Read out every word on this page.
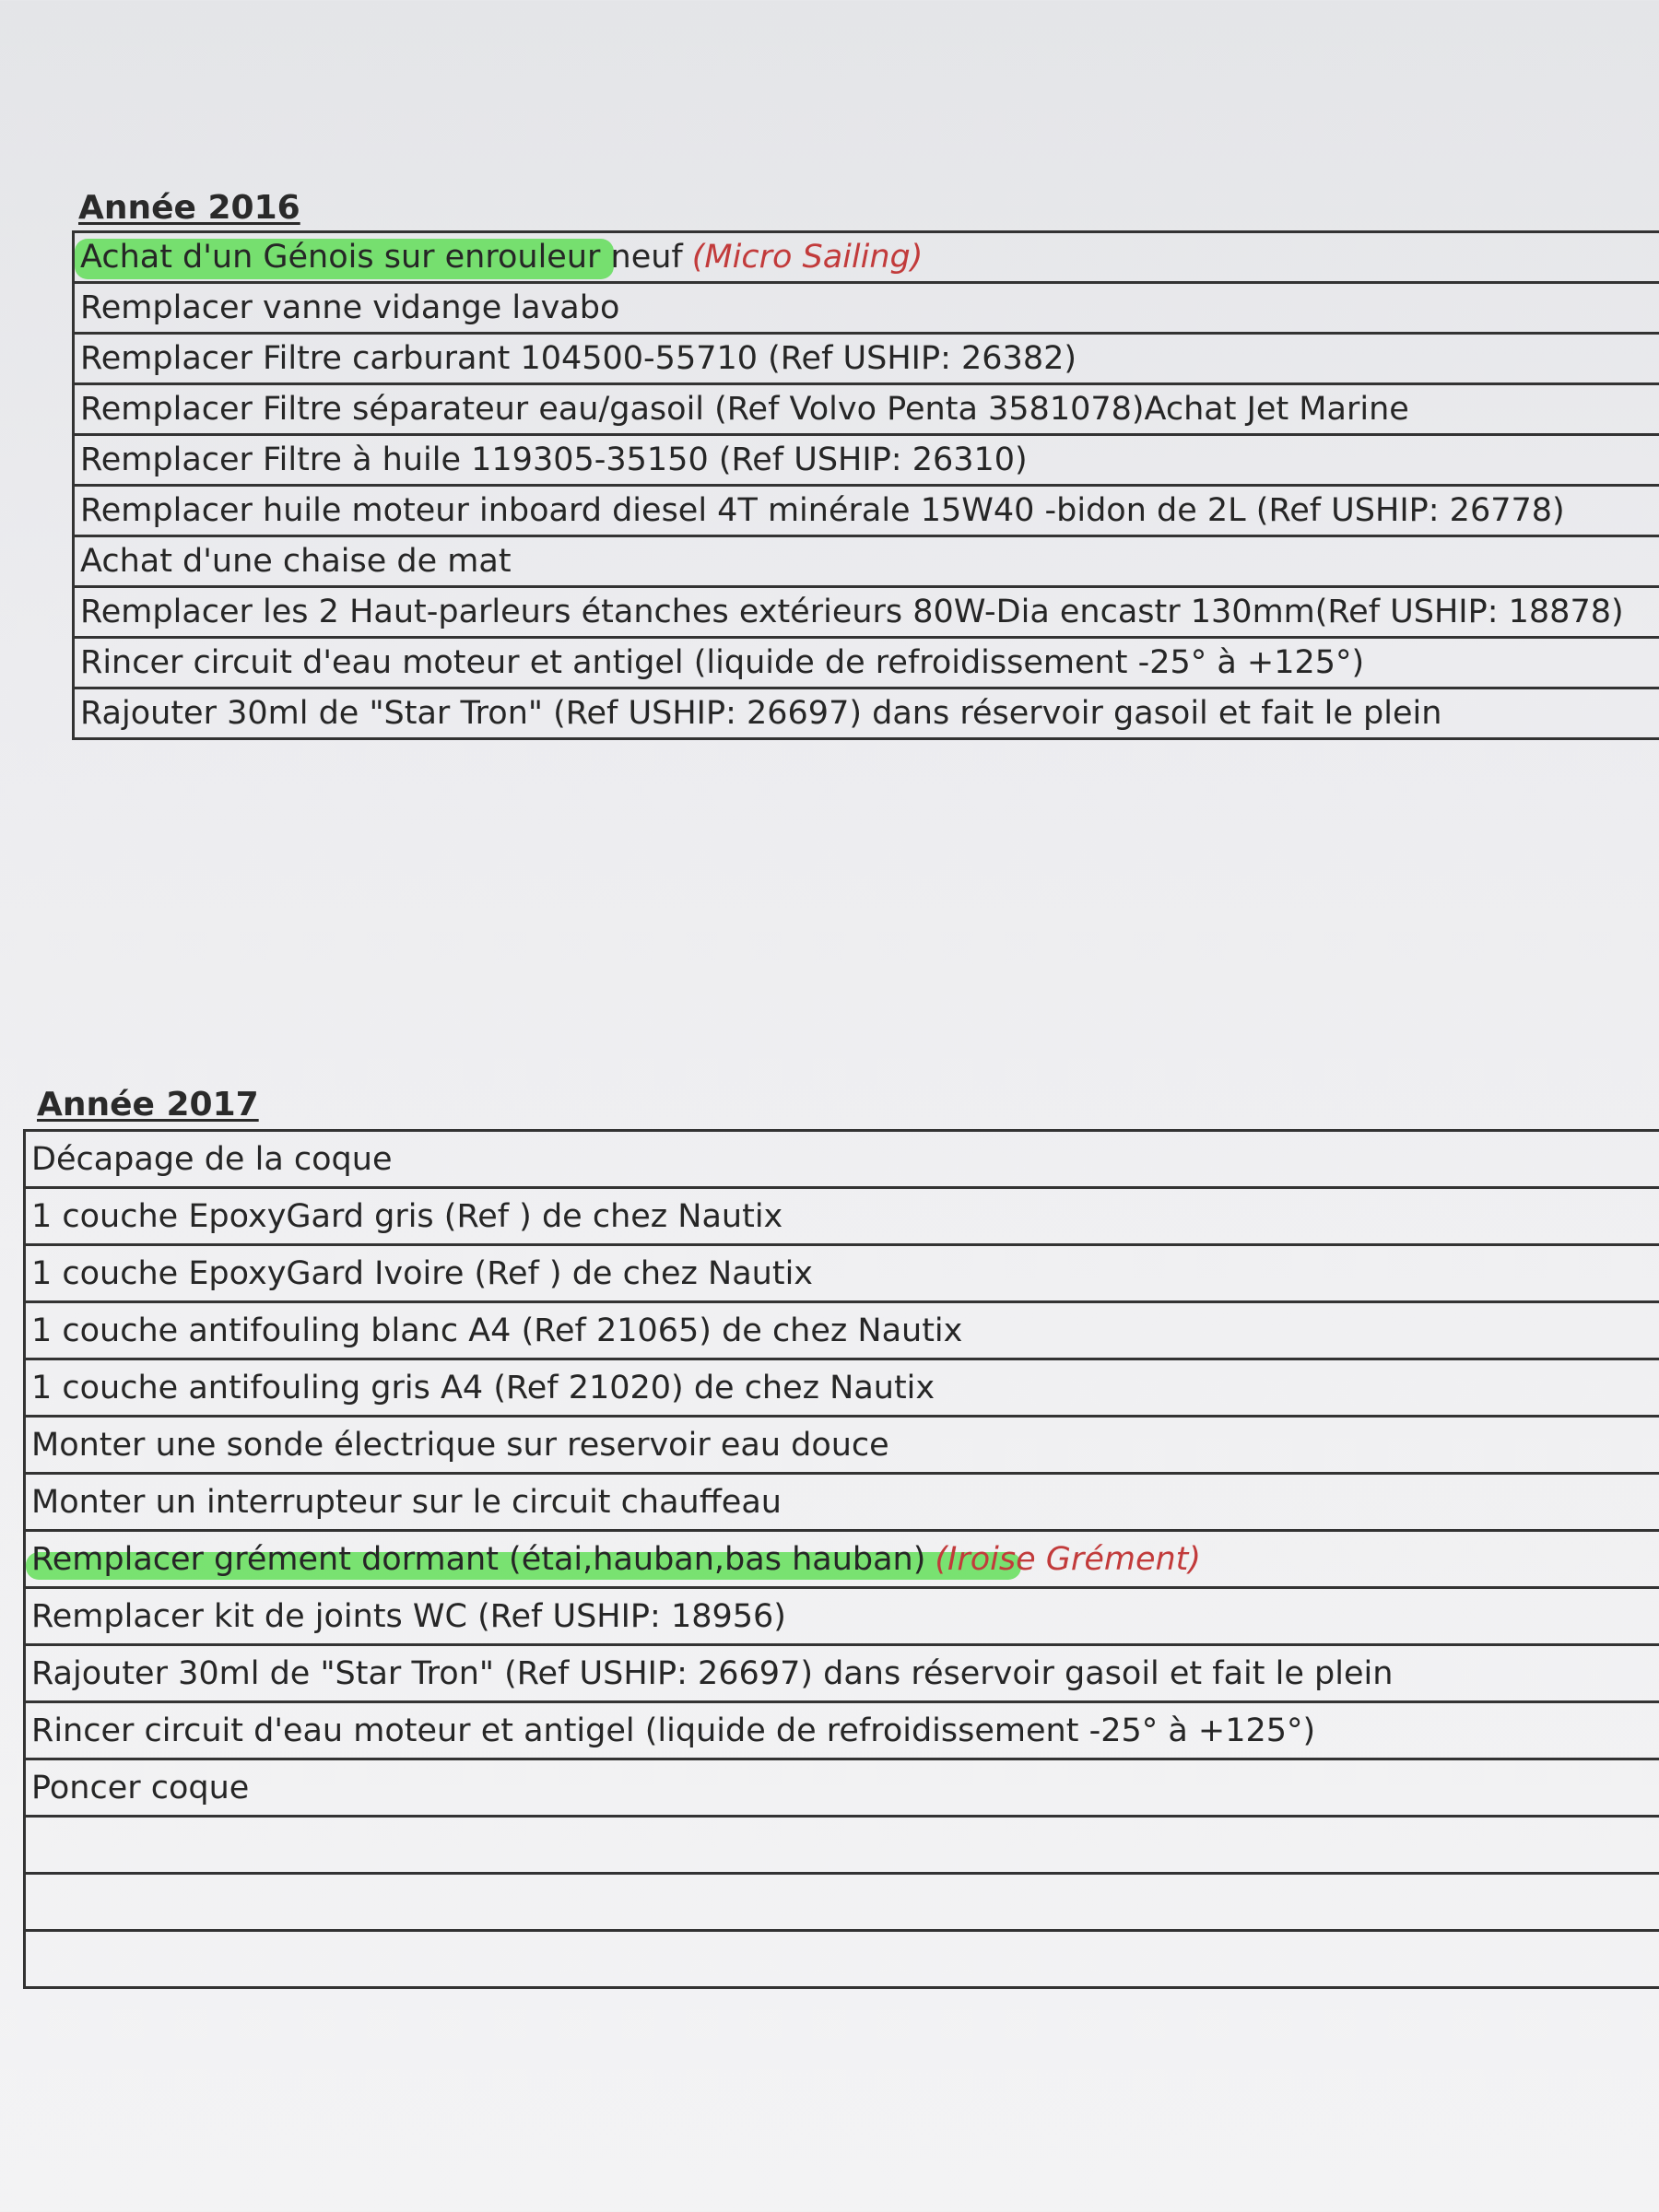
Année 2016
Achat d'un Génois sur enrouleur neuf (Micro Sailing)
Remplacer vanne vidange lavabo
Remplacer Filtre carburant 104500-55710 (Ref USHIP: 26382)
Remplacer Filtre séparateur eau/gasoil (Ref Volvo Penta 3581078)Achat Jet Marine
Remplacer Filtre à huile 119305-35150 (Ref USHIP: 26310)
Remplacer huile moteur inboard diesel 4T minérale 15W40 -bidon de 2L (Ref USHIP: 26778)
Achat d'une chaise de mat
Remplacer les 2 Haut-parleurs étanches extérieurs 80W-Dia encastr 130mm(Ref USHIP: 18878)
Rincer circuit d'eau moteur et antigel (liquide de refroidissement -25° à +125°)
Rajouter 30ml de "Star Tron" (Ref USHIP: 26697) dans réservoir gasoil et fait le plein
Année 2017
Décapage de la coque
1 couche EpoxyGard gris (Ref ) de chez Nautix
1 couche EpoxyGard Ivoire (Ref ) de chez Nautix
1 couche antifouling blanc A4 (Ref 21065) de chez Nautix
1 couche antifouling gris A4 (Ref 21020) de chez Nautix
Monter une sonde électrique sur reservoir eau douce
Monter un interrupteur sur le circuit chauffeau
Remplacer grément dormant (étai,hauban,bas hauban) (Iroise Grément)
Remplacer kit de joints WC (Ref USHIP: 18956)
Rajouter 30ml de "Star Tron" (Ref USHIP: 26697) dans réservoir gasoil et fait le plein
Rincer circuit d'eau moteur et antigel (liquide de refroidissement -25° à +125°)
Poncer coque
